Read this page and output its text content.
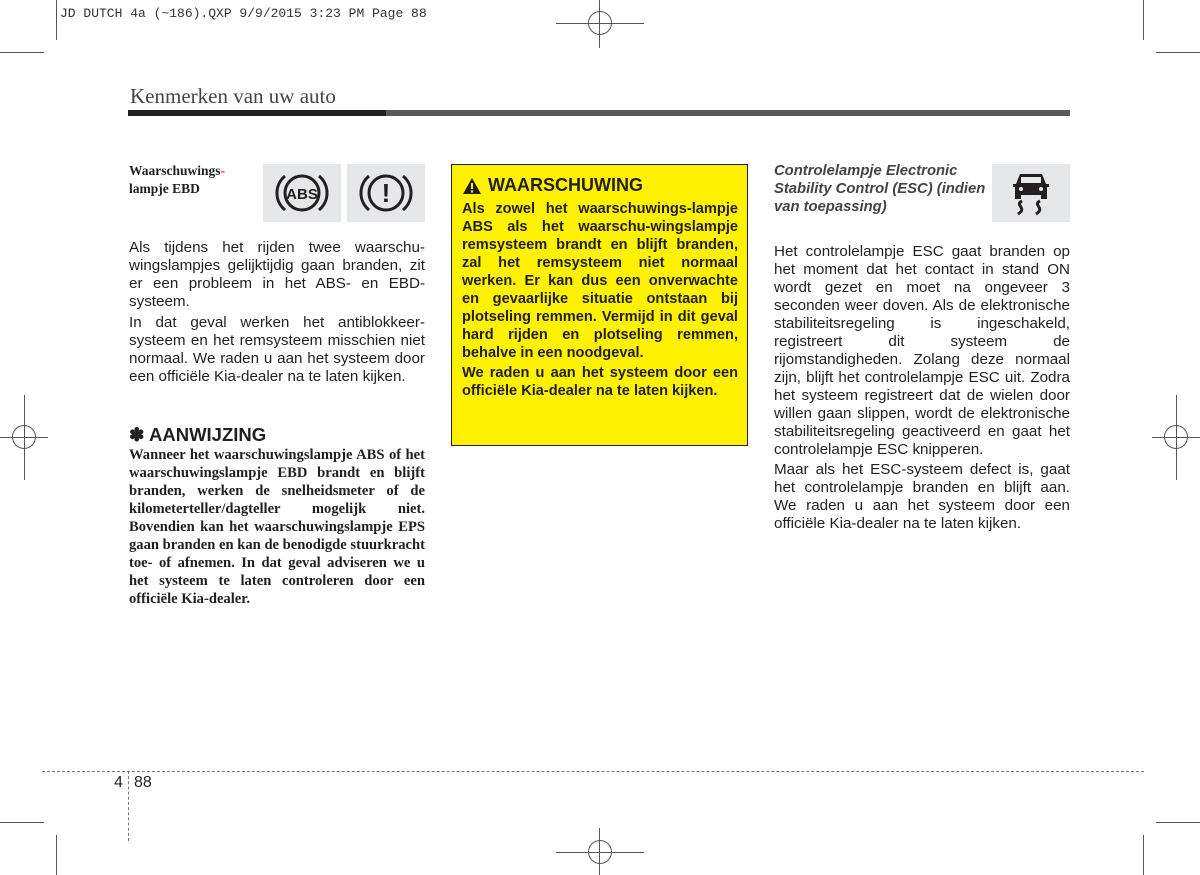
JD DUTCH 4a (~186).QXP 9/9/2015 3:23 PM Page 88
Kenmerken van uw auto
Waarschuwings-
lampje EBD	ABS !

Als tijdens het rijden twee waarschu-wingslampjes gelijktijdig gaan branden, zit er een probleem in het ABS- en EBD-systeem.

In dat geval werken het antiblokkeer-systeem en het remsysteem misschien niet normaal. We raden u aan het systeem door een officiële Kia-dealer na te laten kijken.

✽ AANWIJZING

Wanneer het waarschuwingslampje ABS of het waarschuwingslampje EBD brandt en blijft branden, werken de snelheidsmeter of de kilometerteller/dagteller mogelijk niet. Bovendien kan het waarschuwingslampje EPS gaan branden en kan de benodigde stuurkracht toe- of afnemen. In dat geval adviseren we u het systeem te laten controleren door een officiële Kia-dealer.

WAARSCHUWING

Als zowel het waarschuwings-lampje ABS als het waarschu-wingslampje remsysteem brandt en blijft branden, zal het remsysteem niet normaal werken. Er kan dus een onverwachte en gevaarlijke situatie ontstaan bij plotseling remmen. Vermijd in dit geval hard rijden en plotseling remmen, behalve in een noodgeval.

We raden u aan het systeem door een officiële Kia-dealer na te laten kijken.

Controlelampje Electronic Stability Control (ESC) (indien van toepassing)

Het controlelampje ESC gaat branden op het moment dat het contact in stand ON wordt gezet en moet na ongeveer 3 seconden weer doven. Als de elektronische stabiliteitsregeling is ingeschakeld, registreert dit systeem de rijomstandigheden. Zolang deze normaal zijn, blijft het controlelampje ESC uit. Zodra het systeem registreert dat de wielen door willen gaan slippen, wordt de elektronische stabiliteitsregeling geactiveerd en gaat het controlelampje ESC knipperen.

Maar als het ESC-systeem defect is, gaat het controlelampje branden en blijft aan. We raden u aan het systeem door een officiële Kia-dealer na te laten kijken.

4 88
